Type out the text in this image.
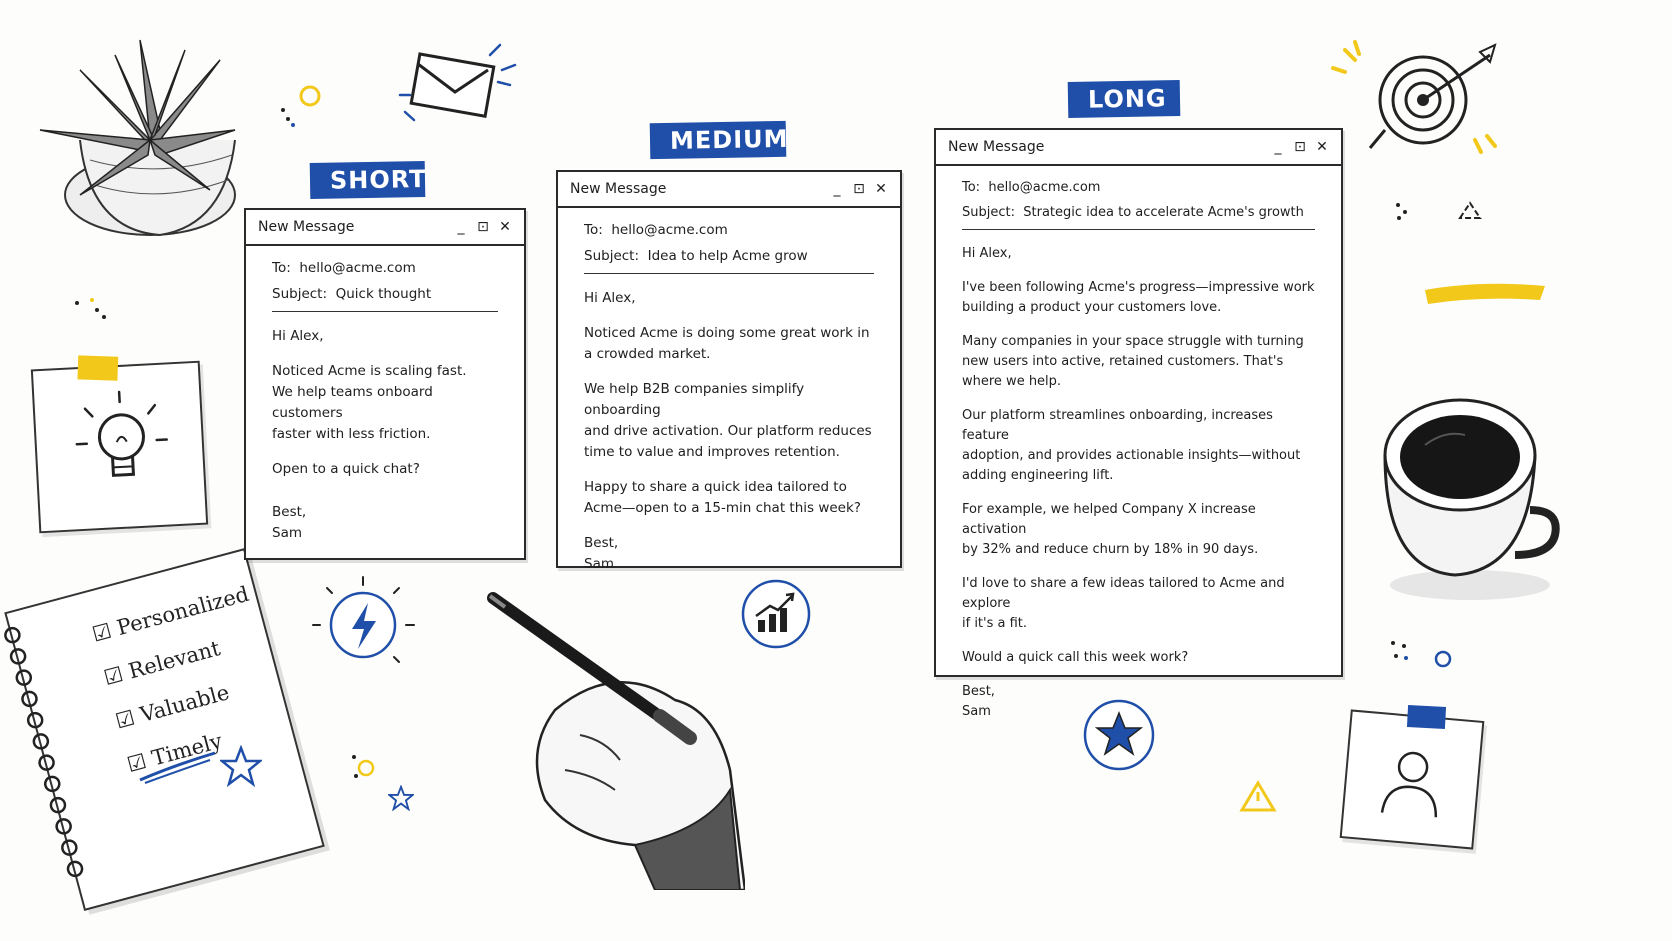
☑ Personalized
☑ Relevant
☑ Valuable
☑ Timely
SHORT
MEDIUM
LONG
New Message	_ ⊡ ✕
To: hello@acme.com
Subject: Quick thought

Hi Alex,

Noticed Acme is scaling fast.
We help teams onboard customers
faster with less friction.

Open to a quick chat?

Best,
Sam

New Message	_ ⊡ ✕
To: hello@acme.com
Subject: Idea to help Acme grow

Hi Alex,

Noticed Acme is doing some great work in
a crowded market.

We help B2B companies simplify onboarding
and drive activation. Our platform reduces
time to value and improves retention.

Happy to share a quick idea tailored to
Acme—open to a 15-min chat this week?

Best,
Sam

New Message	_ ⊡ ✕
To: hello@acme.com
Subject: Strategic idea to accelerate Acme's growth

Hi Alex,

I've been following Acme's progress—impressive work
building a product your customers love.

Many companies in your space struggle with turning
new users into active, retained customers. That's
where we help.

Our platform streamlines onboarding, increases feature
adoption, and provides actionable insights—without
adding engineering lift.

For example, we helped Company X increase activation
by 32% and reduce churn by 18% in 90 days.

I'd love to share a few ideas tailored to Acme and explore
if it's a fit.

Would a quick call this week work?

Best,
Sam
